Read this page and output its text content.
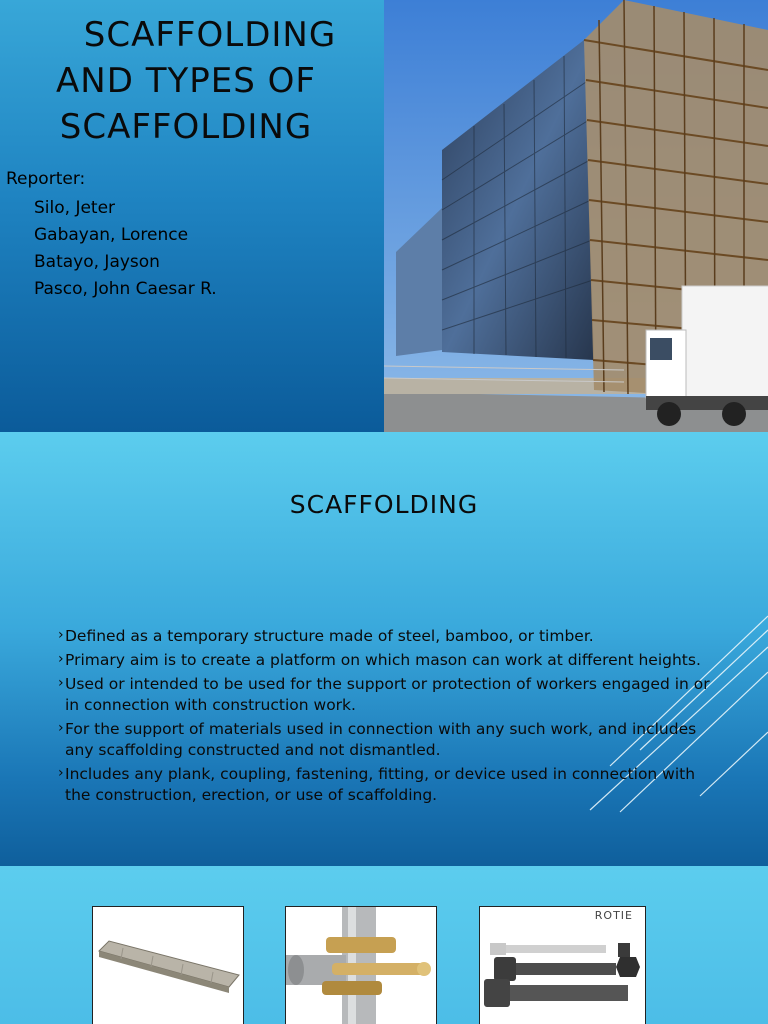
SCAFFOLDING
AND TYPES OF
SCAFFOLDING
Reporter:
Silo, Jeter
Gabayan, Lorence
Batayo, Jayson
Pasco, John Caesar R.
SCAFFOLDING
› Defined as a temporary structure made of steel, bamboo, or timber.
› Primary aim is to create a platform on which mason can work at different heights.
› Used or intended to be used for the support or protection of workers engaged in or in connection with construction work.
› For the support of materials used in connection with any such work, and includes any scaffolding constructed and not dismantled.
› Includes any plank, coupling, fastening, fitting, or device used in connection with the construction, erection, or use of scaffolding.
ROTIE
